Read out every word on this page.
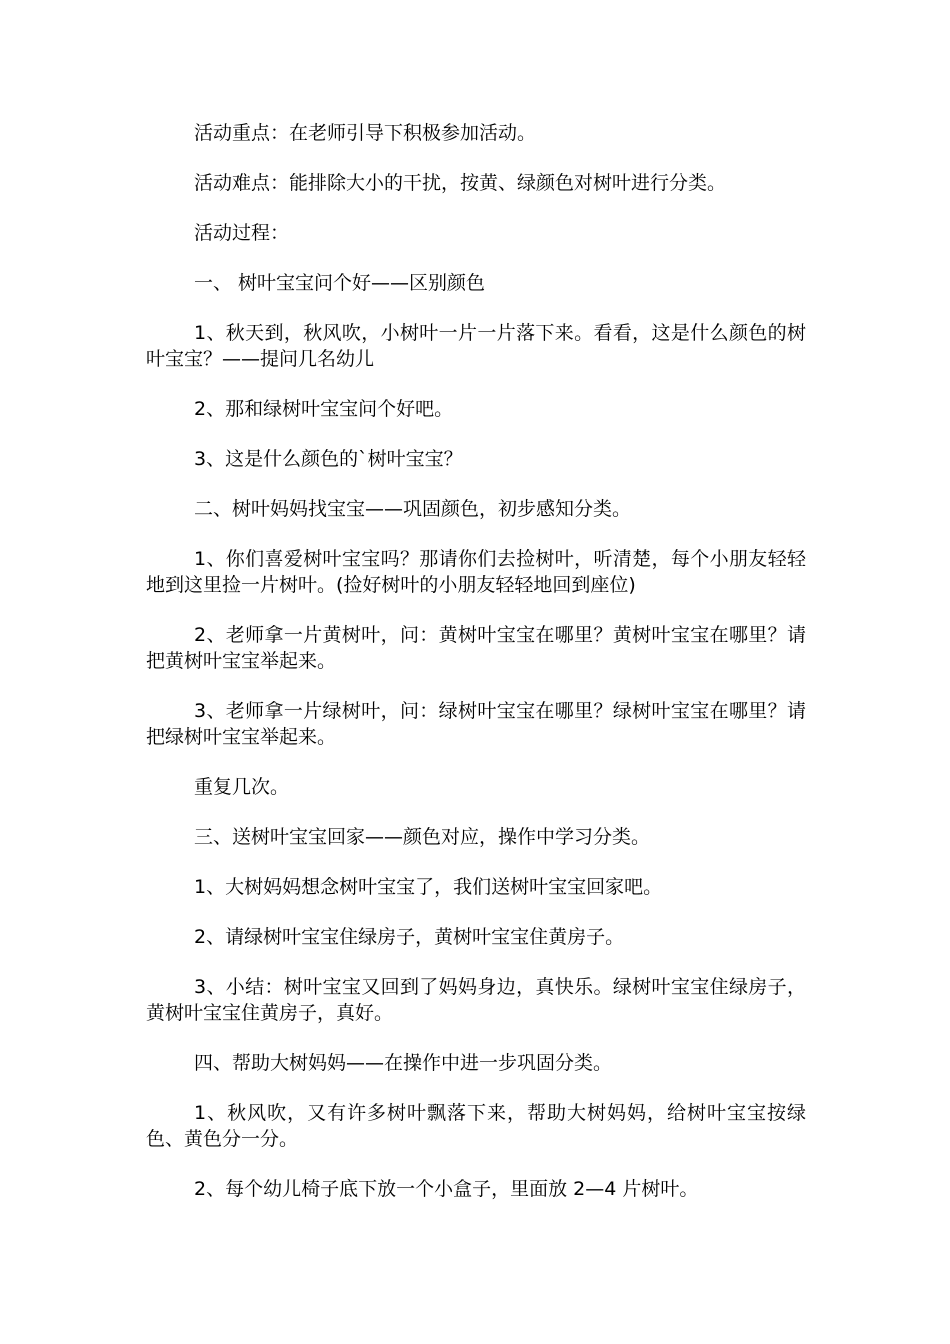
活动重点：在老师引导下积极参加活动。

活动难点：能排除大小的干扰，按黄、绿颜色对树叶进行分类。

活动过程：

一、 树叶宝宝问个好——区别颜色

1、秋天到，秋风吹，小树叶一片一片落下来。看看，这是什么颜色的树叶宝宝？——提问几名幼儿

2、那和绿树叶宝宝问个好吧。

3、这是什么颜色的`树叶宝宝？

二、树叶妈妈找宝宝——巩固颜色，初步感知分类。

1、你们喜爱树叶宝宝吗？那请你们去捡树叶，听清楚，每个小朋友轻轻地到这里捡一片树叶。(捡好树叶的小朋友轻轻地回到座位)

2、老师拿一片黄树叶，问：黄树叶宝宝在哪里？黄树叶宝宝在哪里？请把黄树叶宝宝举起来。

3、老师拿一片绿树叶，问：绿树叶宝宝在哪里？绿树叶宝宝在哪里？请把绿树叶宝宝举起来。

重复几次。

三、送树叶宝宝回家——颜色对应，操作中学习分类。

1、大树妈妈想念树叶宝宝了，我们送树叶宝宝回家吧。

2、请绿树叶宝宝住绿房子，黄树叶宝宝住黄房子。

3、小结：树叶宝宝又回到了妈妈身边，真快乐。绿树叶宝宝住绿房子，黄树叶宝宝住黄房子，真好。

四、帮助大树妈妈——在操作中进一步巩固分类。

1、秋风吹，又有许多树叶飘落下来，帮助大树妈妈，给树叶宝宝按绿色、黄色分一分。

2、每个幼儿椅子底下放一个小盒子，里面放 2—4 片树叶。
